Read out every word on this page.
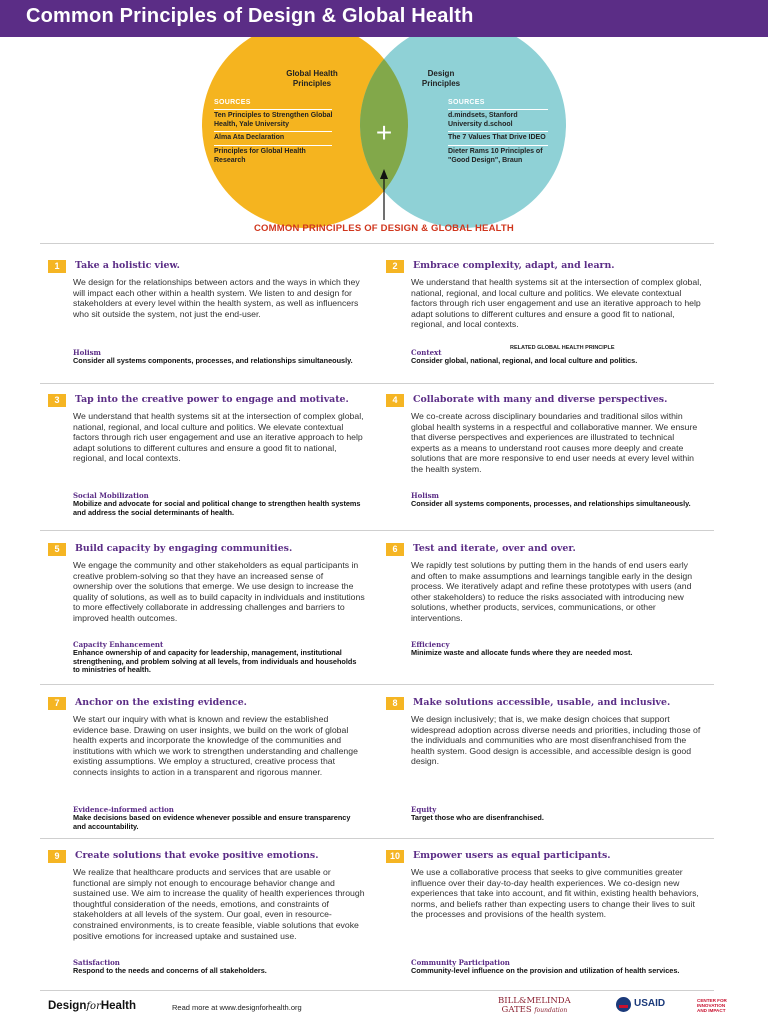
Common Principles of Design & Global Health
Global Health
Principles
Design
Principles
SOURCES
Ten Principles to Strengthen Global Health, Yale University
Alma Ata Declaration
Principles for Global Health Research
SOURCES
d.mindsets, Stanford University d.school
The 7 Values That Drive IDEO
Dieter Rams 10 Principles of "Good Design", Braun
+
COMMON PRINCIPLES OF DESIGN & GLOBAL HEALTH
RELATED GLOBAL HEALTH PRINCIPLE
1	Take a holistic view.
We design for the relationships between actors and the ways in which they will impact each other within a health system. We listen to and design for stakeholders at every level within the health system, as well as influencers who sit outside the system, not just the end-user.
Holism
Consider all systems components, processes, and relationships simultaneously.
2	Embrace complexity, adapt, and learn.
We understand that health systems sit at the intersection of complex global, national, regional, and local culture and politics. We elevate contextual factors through rich user engagement and use an iterative approach to help adapt solutions to different cultures and ensure a good fit to national, regional, and local contexts.
Context
Consider global, national, regional, and local culture and politics.
3	Tap into the creative power to engage and motivate.
We understand that health systems sit at the intersection of complex global, national, regional, and local culture and politics. We elevate contextual factors through rich user engagement and use an iterative approach to help adapt solutions to different cultures and ensure a good fit to national, regional, and local contexts.
Social Mobilization
Mobilize and advocate for social and political change to strengthen health systems and address the social determinants of health.
4	Collaborate with many and diverse perspectives.
We co-create across disciplinary boundaries and traditional silos within global health systems in a respectful and collaborative manner. We ensure that diverse perspectives and experiences are illustrated to technical experts as a means to understand root causes more deeply and create solutions that are more responsive to end user needs at every level within the health system.
Holism
Consider all systems components, processes, and relationships simultaneously.
5	Build capacity by engaging communities.
We engage the community and other stakeholders as equal participants in creative problem-solving so that they have an increased sense of ownership over the solutions that emerge. We use design to increase the quality of solutions, as well as to build capacity in individuals and institutions to more effectively collaborate in addressing challenges and barriers to improved health outcomes.
Capacity Enhancement
Enhance ownership of and capacity for leadership, management, institutional strengthening, and problem solving at all levels, from individuals and households to ministries of health.
6	Test and iterate, over and over.
We rapidly test solutions by putting them in the hands of end users early and often to make assumptions and learnings tangible early in the design process. We iteratively adapt and refine these prototypes with users (and other stakeholders) to reduce the risks associated with introducing new solutions, whether products, services, communications, or other interventions.
Efficiency
Minimize waste and allocate funds where they are needed most.
7	Anchor on the existing evidence.
We start our inquiry with what is known and review the established evidence base. Drawing on user insights, we build on the work of global health experts and incorporate the knowledge of the communities and institutions with which we work to strengthen understanding and challenge existing assumptions. We employ a structured, creative process that connects insights to action in a transparent and rigorous manner.
Evidence-informed action
Make decisions based on evidence whenever possible and ensure transparency and accountability.
8	Make solutions accessible, usable, and inclusive.
We design inclusively; that is, we make design choices that support widespread adoption across diverse needs and priorities, including those of the individuals and communities who are most disenfranchised from the health system. Good design is accessible, and accessible design is good design.
Equity
Target those who are disenfranchised.
9	Create solutions that evoke positive emotions.
We realize that healthcare products and services that are usable or functional are simply not enough to encourage behavior change and sustained use. We aim to increase the quality of health experiences through thoughtful consideration of the needs, emotions, and constraints of stakeholders at all levels of the system. Our goal, even in resource-constrained environments, is to create feasible, viable solutions that evoke positive emotions for increased uptake and sustained use.
Satisfaction
Respond to the needs and concerns of all stakeholders.
10	Empower users as equal participants.
We use a collaborative process that seeks to give communities greater influence over their day-to-day health experiences. We co-design new experiences that take into account, and fit within, existing health behaviors, norms, and beliefs rather than expecting users to change their lives to suit the processes and provisions of the health system.
Community Participation
Community-level influence on the provision and utilization of health services.
DesignforHealth	Read more at www.designforhealth.org
BILL&MELINDA
GATES foundation
USAID	CENTER FOR
INNOVATION
AND IMPACT
